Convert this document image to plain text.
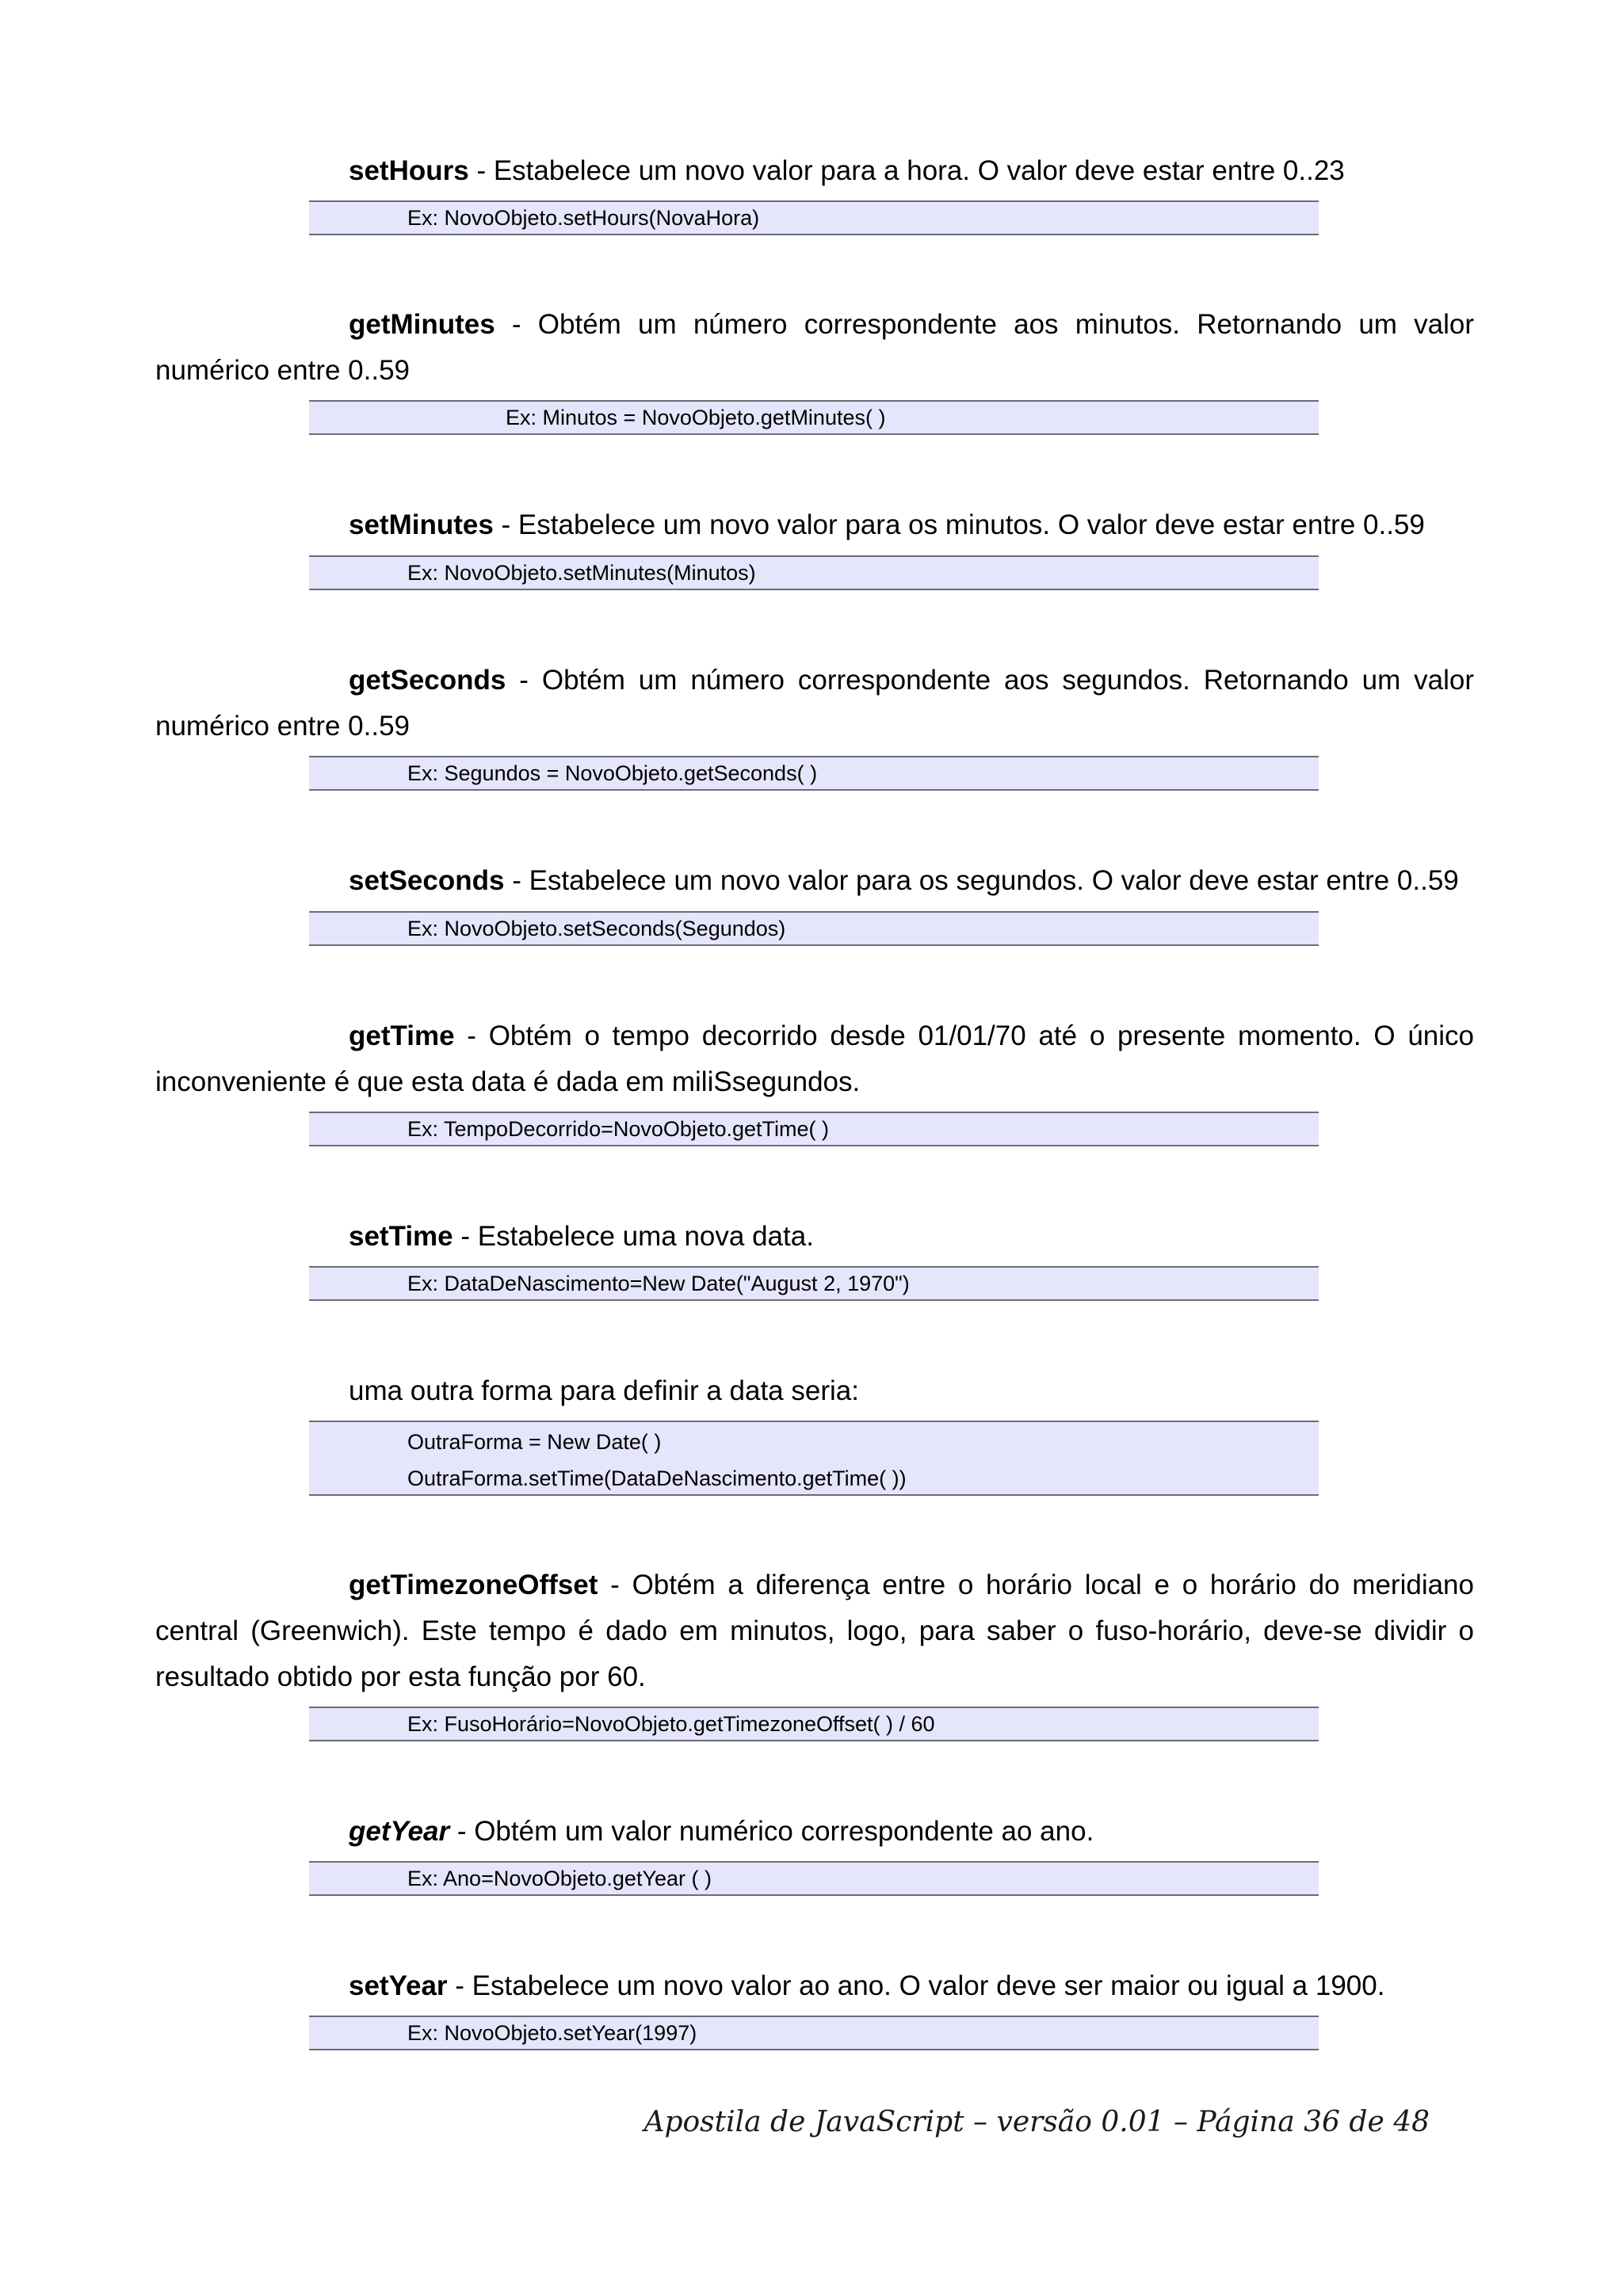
setHours - Estabelece um novo valor para a hora. O valor deve estar entre 0..23

Ex: NovoObjeto.setHours(NovaHora)

getMinutes - Obtém um número correspondente aos minutos. Retornando um valor numérico entre 0..59

Ex: Minutos = NovoObjeto.getMinutes( )

setMinutes - Estabelece um novo valor para os minutos. O valor deve estar entre 0..59

Ex: NovoObjeto.setMinutes(Minutos)

getSeconds - Obtém um número correspondente aos segundos. Retornando um valor numérico entre 0..59

Ex: Segundos = NovoObjeto.getSeconds( )

setSeconds - Estabelece um novo valor para os segundos. O valor deve estar entre 0..59

Ex: NovoObjeto.setSeconds(Segundos)

getTime - Obtém o tempo decorrido desde 01/01/70 até o presente momento. O único inconveniente é que esta data é dada em miliSsegundos.

Ex: TempoDecorrido=NovoObjeto.getTime( )

setTime - Estabelece uma nova data.

Ex: DataDeNascimento=New Date("August 2, 1970")

uma outra forma para definir a data seria:

OutraForma = New Date( )
OutraForma.setTime(DataDeNascimento.getTime( ))

getTimezoneOffset - Obtém a diferença entre o horário local e o horário do meridiano central (Greenwich). Este tempo é dado em minutos, logo, para saber o fuso-horário, deve-se dividir o resultado obtido por esta função por 60.

Ex: FusoHorário=NovoObjeto.getTimezoneOffset( ) / 60

getYear - Obtém um valor numérico correspondente ao ano.

Ex: Ano=NovoObjeto.getYear ( )

setYear - Estabelece um novo valor ao ano. O valor deve ser maior ou igual a 1900.

Ex: NovoObjeto.setYear(1997)
Apostila de JavaScript – versão 0.01 – Página 36 de 48
